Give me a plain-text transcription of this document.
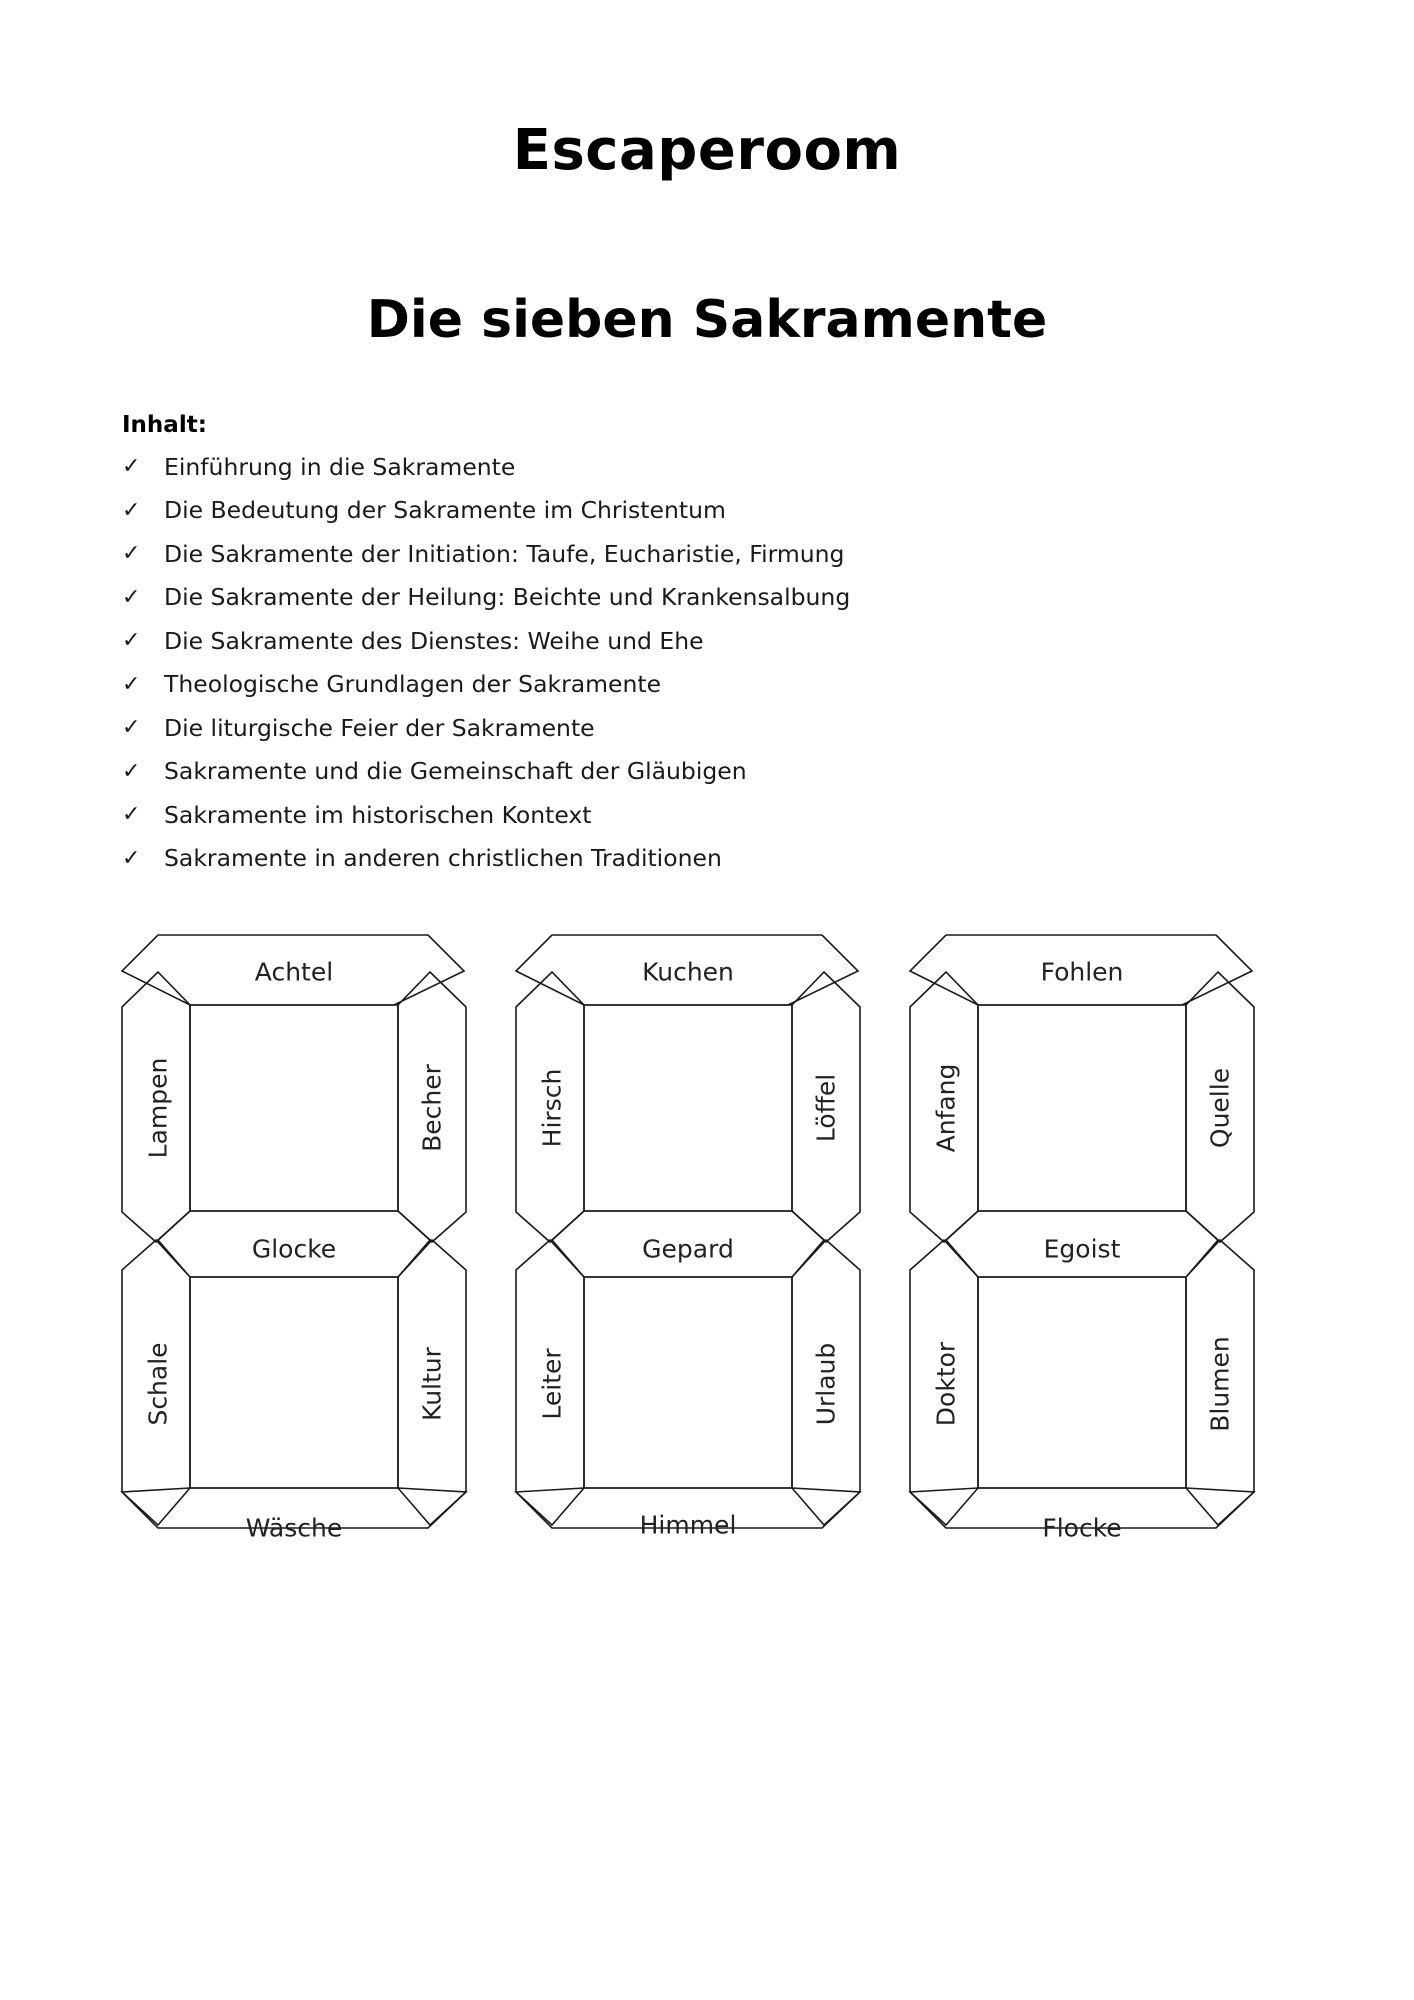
Escaperoom
Die sieben Sakramente
Inhalt:
✓	Einführung in die Sakramente
✓	Die Bedeutung der Sakramente im Christentum
✓	Die Sakramente der Initiation: Taufe, Eucharistie, Firmung
✓	Die Sakramente der Heilung: Beichte und Krankensalbung
✓	Die Sakramente des Dienstes: Weihe und Ehe
✓	Theologische Grundlagen der Sakramente
✓	Die liturgische Feier der Sakramente
✓	Sakramente und die Gemeinschaft der Gläubigen
✓	Sakramente im historischen Kontext
✓	Sakramente in anderen christlichen Traditionen
Achtel
Lampen	Becher
Glocke
Schale	Kultur
Wäsche
Kuchen
Hirsch	Löffel
Gepard
Leiter	Urlaub
Himmel
Fohlen
Anfang	Quelle
Egoist
Doktor	Blumen
Flocke
